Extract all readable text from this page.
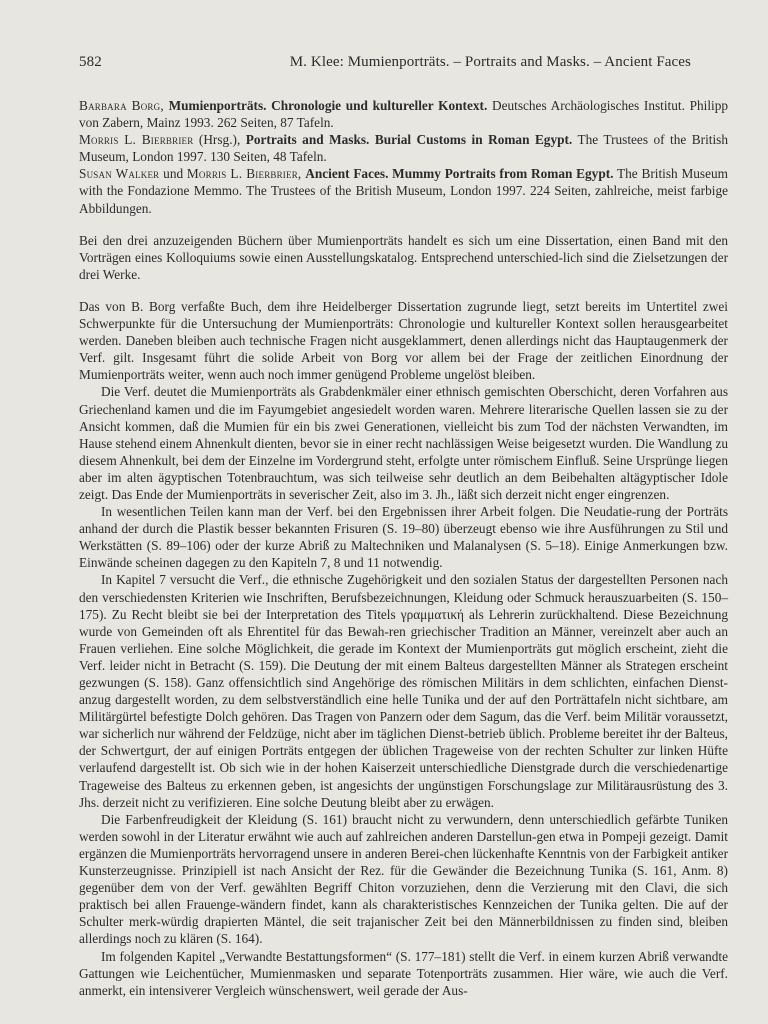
582	M. Klee: Mumienporträts. – Portraits and Masks. – Ancient Faces

Barbara Borg, Mumienporträts. Chronologie und kultureller Kontext. Deutsches Archäologisches Institut. Philipp von Zabern, Mainz 1993. 262 Seiten, 87 Tafeln.

Morris L. Bierbrier (Hrsg.), Portraits and Masks. Burial Customs in Roman Egypt. The Trustees of the British Museum, London 1997. 130 Seiten, 48 Tafeln.

Susan Walker und Morris L. Bierbrier, Ancient Faces. Mummy Portraits from Roman Egypt. The British Museum with the Fondazione Memmo. The Trustees of the British Museum, London 1997. 224 Seiten, zahlreiche, meist farbige Abbildungen.

Bei den drei anzuzeigenden Büchern über Mumienporträts handelt es sich um eine Dissertation, einen Band mit den Vorträgen eines Kolloquiums sowie einen Ausstellungskatalog. Entsprechend unterschied-lich sind die Zielsetzungen der drei Werke.

Das von B. Borg verfaßte Buch, dem ihre Heidelberger Dissertation zugrunde liegt, setzt bereits im Untertitel zwei Schwerpunkte für die Untersuchung der Mumienporträts: Chronologie und kultureller Kontext sollen herausgearbeitet werden. Daneben bleiben auch technische Fragen nicht ausgeklammert, denen allerdings nicht das Hauptaugenmerk der Verf. gilt. Insgesamt führt die solide Arbeit von Borg vor allem bei der Frage der zeitlichen Einordnung der Mumienporträts weiter, wenn auch noch immer genügend Probleme ungelöst bleiben.

Die Verf. deutet die Mumienporträts als Grabdenkmäler einer ethnisch gemischten Oberschicht, deren Vorfahren aus Griechenland kamen und die im Fayumgebiet angesiedelt worden waren. Mehrere literarische Quellen lassen sie zu der Ansicht kommen, daß die Mumien für ein bis zwei Generationen, vielleicht bis zum Tod der nächsten Verwandten, im Hause stehend einem Ahnenkult dienten, bevor sie in einer recht nachlässigen Weise beigesetzt wurden. Die Wandlung zu diesem Ahnenkult, bei dem der Einzelne im Vordergrund steht, erfolgte unter römischem Einfluß. Seine Ursprünge liegen aber im alten ägyptischen Totenbrauchtum, was sich teilweise sehr deutlich an dem Beibehalten altägyptischer Idole zeigt. Das Ende der Mumienporträts in severischer Zeit, also im 3. Jh., läßt sich derzeit nicht enger eingrenzen.

In wesentlichen Teilen kann man der Verf. bei den Ergebnissen ihrer Arbeit folgen. Die Neudatie-rung der Porträts anhand der durch die Plastik besser bekannten Frisuren (S. 19–80) überzeugt ebenso wie ihre Ausführungen zu Stil und Werkstätten (S. 89–106) oder der kurze Abriß zu Maltechniken und Malanalysen (S. 5–18). Einige Anmerkungen bzw. Einwände scheinen dagegen zu den Kapiteln 7, 8 und 11 notwendig.

In Kapitel 7 versucht die Verf., die ethnische Zugehörigkeit und den sozialen Status der dargestellten Personen nach den verschiedensten Kriterien wie Inschriften, Berufsbezeichnungen, Kleidung oder Schmuck herauszuarbeiten (S. 150–175). Zu Recht bleibt sie bei der Interpretation des Titels γραμματική als Lehrerin zurückhaltend. Diese Bezeichnung wurde von Gemeinden oft als Ehrentitel für das Bewah-ren griechischer Tradition an Männer, vereinzelt aber auch an Frauen verliehen. Eine solche Möglichkeit, die gerade im Kontext der Mumienporträts gut möglich erscheint, zieht die Verf. leider nicht in Betracht (S. 159). Die Deutung der mit einem Balteus dargestellten Männer als Strategen erscheint gezwungen (S. 158). Ganz offensichtlich sind Angehörige des römischen Militärs in dem schlichten, einfachen Dienst-anzug dargestellt worden, zu dem selbstverständlich eine helle Tunika und der auf den Porträttafeln nicht sichtbare, am Militärgürtel befestigte Dolch gehören. Das Tragen von Panzern oder dem Sagum, das die Verf. beim Militär voraussetzt, war sicherlich nur während der Feldzüge, nicht aber im täglichen Dienst-betrieb üblich. Probleme bereitet ihr der Balteus, der Schwertgurt, der auf einigen Porträts entgegen der üblichen Trageweise von der rechten Schulter zur linken Hüfte verlaufend dargestellt ist. Ob sich wie in der hohen Kaiserzeit unterschiedliche Dienstgrade durch die verschiedenartige Trageweise des Balteus zu erkennen geben, ist angesichts der ungünstigen Forschungslage zur Militärausrüstung des 3. Jhs. derzeit nicht zu verifizieren. Eine solche Deutung bleibt aber zu erwägen.

Die Farbenfreudigkeit der Kleidung (S. 161) braucht nicht zu verwundern, denn unterschiedlich gefärbte Tuniken werden sowohl in der Literatur erwähnt wie auch auf zahlreichen anderen Darstellun-gen etwa in Pompeji gezeigt. Damit ergänzen die Mumienporträts hervorragend unsere in anderen Berei-chen lückenhafte Kenntnis von der Farbigkeit antiker Kunsterzeugnisse. Prinzipiell ist nach Ansicht der Rez. für die Gewänder die Bezeichnung Tunika (S. 161, Anm. 8) gegenüber dem von der Verf. gewählten Begriff Chiton vorzuziehen, denn die Verzierung mit den Clavi, die sich praktisch bei allen Frauenge-wändern findet, kann als charakteristisches Kennzeichen der Tunika gelten. Die auf der Schulter merk-würdig drapierten Mäntel, die seit trajanischer Zeit bei den Männerbildnissen zu finden sind, bleiben allerdings noch zu klären (S. 164).

Im folgenden Kapitel „Verwandte Bestattungsformen“ (S. 177–181) stellt die Verf. in einem kurzen Abriß verwandte Gattungen wie Leichentücher, Mumienmasken und separate Totenporträts zusammen. Hier wäre, wie auch die Verf. anmerkt, ein intensiverer Vergleich wünschenswert, weil gerade der Aus-
